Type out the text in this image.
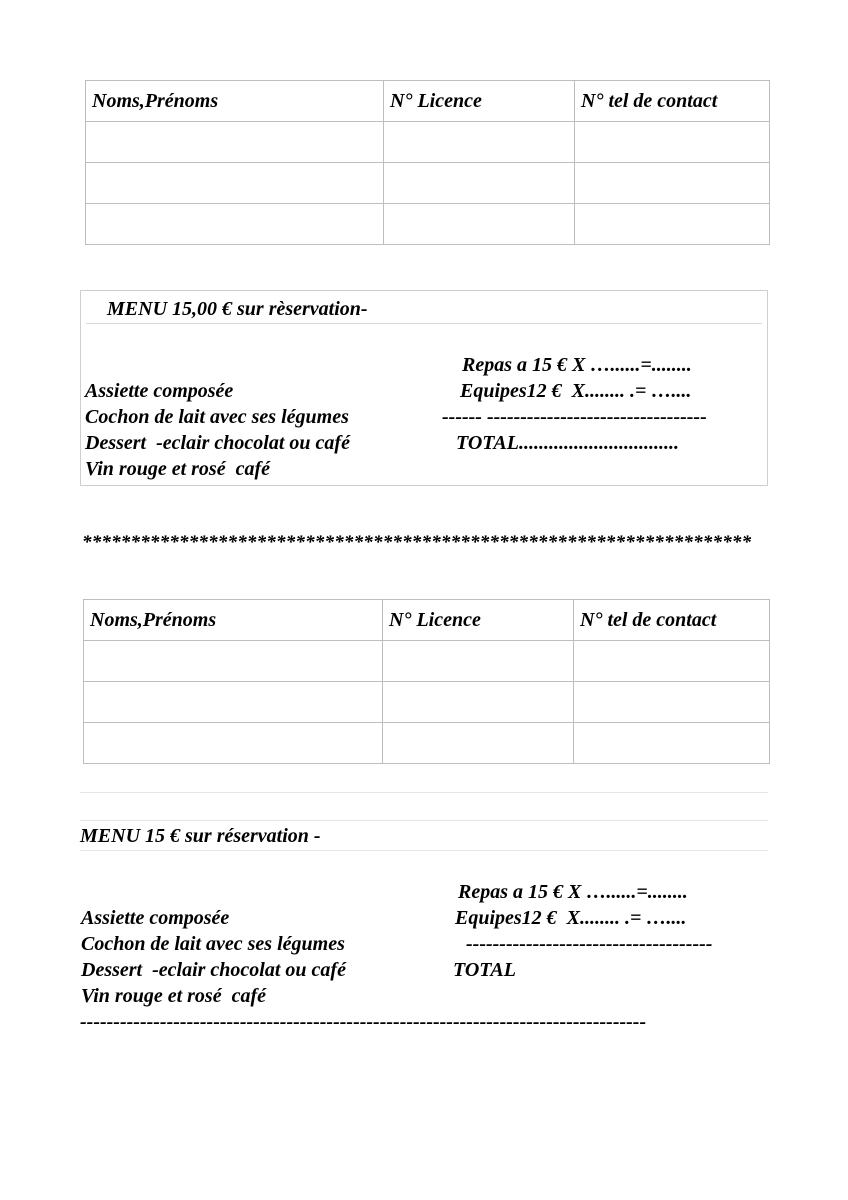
Noms,Prénoms	N° Licence	N° tel de contact

MENU 15,00 € sur rèservation-
Repas a 15 € X …......=........
Assiette composée	Equipes12 €  X........ .= …....
Cochon de lait avec ses légumes	------ ---------------------------------
Dessert  -eclair chocolat ou café	TOTAL................................
Vin rouge et rosé  café
*********************************************************************
Noms,Prénoms	N° Licence	N° tel de contact

MENU 15 € sur réservation -
Repas a 15 € X …......=........
Assiette composée	Equipes12 €  X........ .= …....
Cochon de lait avec ses légumes	-------------------------------------
Dessert  -eclair chocolat ou café	TOTAL
Vin rouge et rosé  café
-------------------------------------------------------------------------------------
